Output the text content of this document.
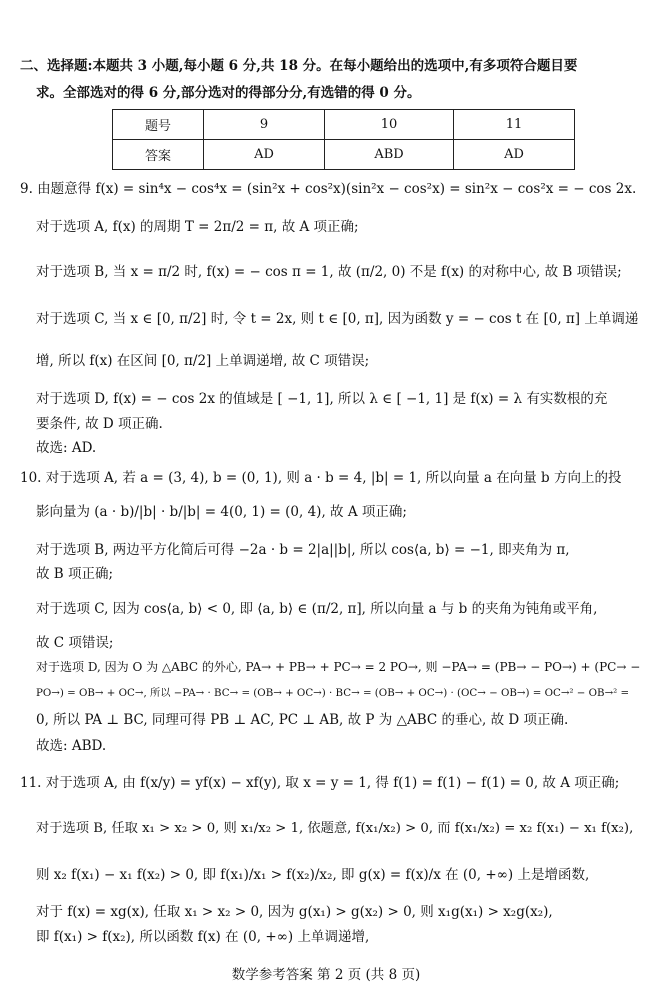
二、选择题:本题共 3 小题,每小题 6 分,共 18 分。在每小题给出的选项中,有多项符合题目要
求。全部选对的得 6 分,部分选对的得部分分,有选错的得 0 分。
题号	9	10	11
答案	AD	ABD	AD
9. 由题意得 f(x) = sin⁴x − cos⁴x = (sin²x + cos²x)(sin²x − cos²x) = sin²x − cos²x = − cos 2x.
对于选项 A, f(x) 的周期 T = 2π/2 = π, 故 A 项正确;
对于选项 B, 当 x = π/2 时, f(x) = − cos π = 1, 故 (π/2, 0) 不是 f(x) 的对称中心, 故 B 项错误;
对于选项 C, 当 x ∈ [0, π/2] 时, 令 t = 2x, 则 t ∈ [0, π], 因为函数 y = − cos t 在 [0, π] 上单调递
增, 所以 f(x) 在区间 [0, π/2] 上单调递增, 故 C 项错误;
对于选项 D, f(x) = − cos 2x 的值域是 [ −1, 1], 所以 λ ∈ [ −1, 1] 是 f(x) = λ 有实数根的充
要条件, 故 D 项正确.
故选: AD.
10. 对于选项 A, 若 a = (3, 4), b = (0, 1), 则 a · b = 4, |b| = 1, 所以向量 a 在向量 b 方向上的投
影向量为 (a · b)/|b| · b/|b| = 4(0, 1) = (0, 4), 故 A 项正确;
对于选项 B, 两边平方化简后可得 −2a · b = 2|a||b|, 所以 cos⟨a, b⟩ = −1, 即夹角为 π,
故 B 项正确;
对于选项 C, 因为 cos⟨a, b⟩ < 0, 即 ⟨a, b⟩ ∈ (π/2, π], 所以向量 a 与 b 的夹角为钝角或平角,
故 C 项错误;
对于选项 D, 因为 O 为 △ABC 的外心, PA→ + PB→ + PC→ = 2 PO→, 则 −PA→ = (PB→ − PO→) + (PC→ −
PO→) = OB→ + OC→, 所以 −PA→ · BC→ = (OB→ + OC→) · BC→ = (OB→ + OC→) · (OC→ − OB→) = OC→² − OB→² =
0, 所以 PA ⊥ BC, 同理可得 PB ⊥ AC, PC ⊥ AB, 故 P 为 △ABC 的垂心, 故 D 项正确.
故选: ABD.
11. 对于选项 A, 由 f(x/y) = yf(x) − xf(y), 取 x = y = 1, 得 f(1) = f(1) − f(1) = 0, 故 A 项正确;
对于选项 B, 任取 x₁ > x₂ > 0, 则 x₁/x₂ > 1, 依题意, f(x₁/x₂) > 0, 而 f(x₁/x₂) = x₂ f(x₁) − x₁ f(x₂),
则 x₂ f(x₁) − x₁ f(x₂) > 0, 即 f(x₁)/x₁ > f(x₂)/x₂, 即 g(x) = f(x)/x 在 (0, +∞) 上是增函数,
对于 f(x) = xg(x), 任取 x₁ > x₂ > 0, 因为 g(x₁) > g(x₂) > 0, 则 x₁g(x₁) > x₂g(x₂),
即 f(x₁) > f(x₂), 所以函数 f(x) 在 (0, +∞) 上单调递增,
数学参考答案 第 2 页 (共 8 页)
